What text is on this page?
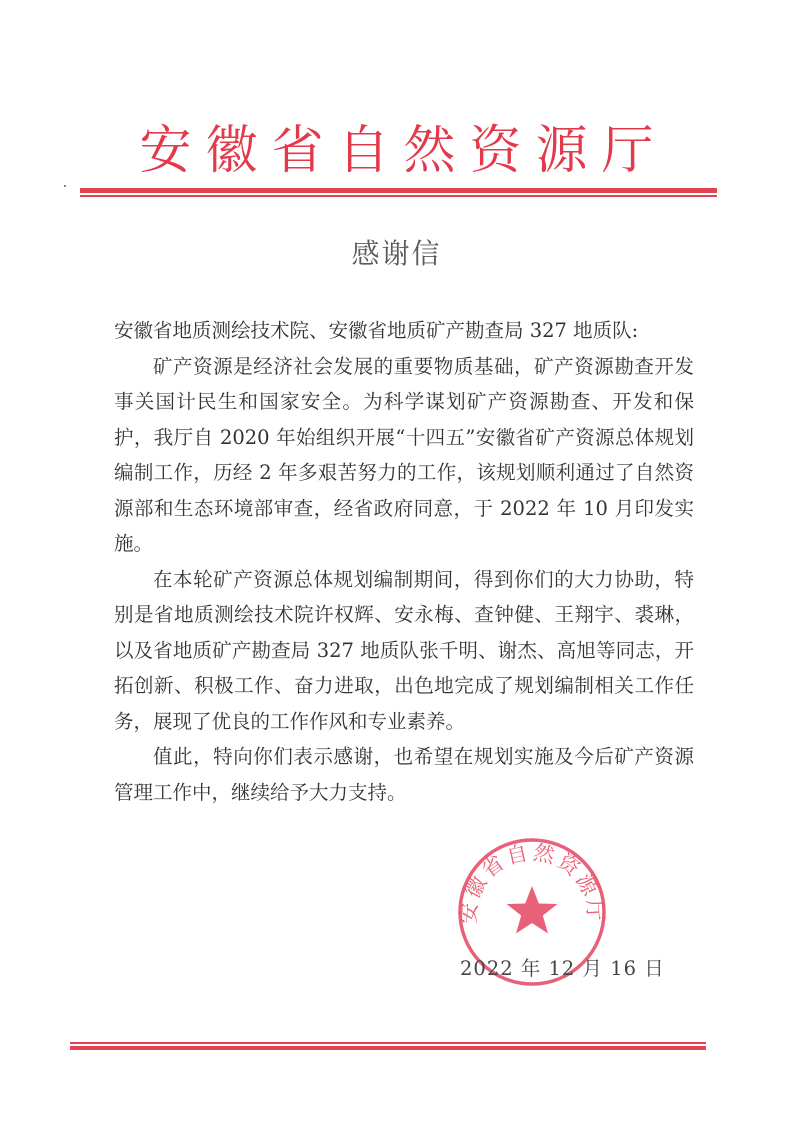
安徽省自然资源厅
感谢信

安徽省地质测绘技术院、安徽省地质矿产勘查局 327 地质队:

矿产资源是经济社会发展的重要物质基础，矿产资源勘查开发事关国计民生和国家安全。为科学谋划矿产资源勘查、开发和保护，我厅自 2020 年始组织开展“十四五”安徽省矿产资源总体规划编制工作，历经 2 年多艰苦努力的工作，该规划顺利通过了自然资源部和生态环境部审查，经省政府同意，于 2022 年 10 月印发实施。

在本轮矿产资源总体规划编制期间，得到你们的大力协助，特别是省地质测绘技术院许权辉、安永梅、查钟健、王翔宇、裘琳，以及省地质矿产勘查局 327 地质队张千明、谢杰、高旭等同志，开拓创新、积极工作、奋力进取，出色地完成了规划编制相关工作任务，展现了优良的工作作风和专业素养。

值此，特向你们表示感谢，也希望在规划实施及今后矿产资源管理工作中，继续给予大力支持。

安徽省自然资源厅
2022 年 12 月 16 日
